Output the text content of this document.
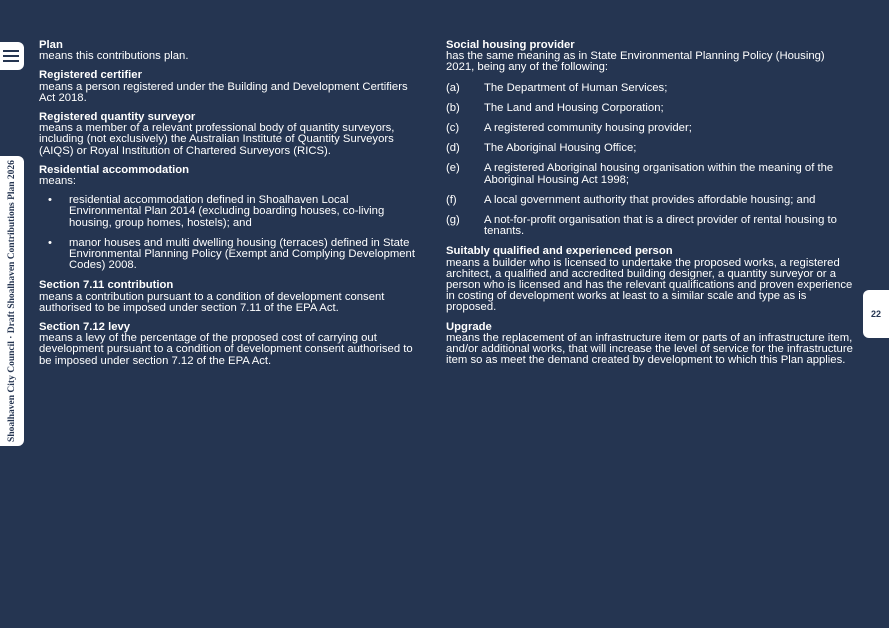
Shoalhaven City Council · Draft Shoalhaven Contributions Plan 2026	22
Plan
means this contributions plan.
Registered certifier
means a person registered under the Building and Development Certifiers Act 2018.
Registered quantity surveyor
means a member of a relevant professional body of quantity surveyors, including (not exclusively) the Australian Institute of Quantity Surveyors (AIQS) or Royal Institution of Chartered Surveyors (RICS).
Residential accommodation
means:
•	residential accommodation defined in Shoalhaven Local Environmental Plan 2014 (excluding boarding houses, co-living housing, group homes, hostels); and
•	manor houses and multi dwelling housing (terraces) defined in State Environmental Planning Policy (Exempt and Complying Development Codes) 2008.
Section 7.11 contribution
means a contribution pursuant to a condition of development consent authorised to be imposed under section 7.11 of the EPA Act.
Section 7.12 levy
means a levy of the percentage of the proposed cost of carrying out development pursuant to a condition of development consent authorised to be imposed under section 7.12 of the EPA Act.
Social housing provider
has the same meaning as in State Environmental Planning Policy (Housing) 2021, being any of the following:
(a)	The Department of Human Services;
(b)	The Land and Housing Corporation;
(c)	A registered community housing provider;
(d)	The Aboriginal Housing Office;
(e)	A registered Aboriginal housing organisation within the meaning of the Aboriginal Housing Act 1998;
(f)	A local government authority that provides affordable housing; and
(g)	A not-for-profit organisation that is a direct provider of rental housing to tenants.
Suitably qualified and experienced person
means a builder who is licensed to undertake the proposed works, a registered architect, a qualified and accredited building designer, a quantity surveyor or a person who is licensed and has the relevant qualifications and proven experience in costing of development works at least to a similar scale and type as is proposed.
Upgrade
means the replacement of an infrastructure item or parts of an infrastructure item, and/or additional works, that will increase the level of service for the infrastructure item so as meet the demand created by development to which this Plan applies.
